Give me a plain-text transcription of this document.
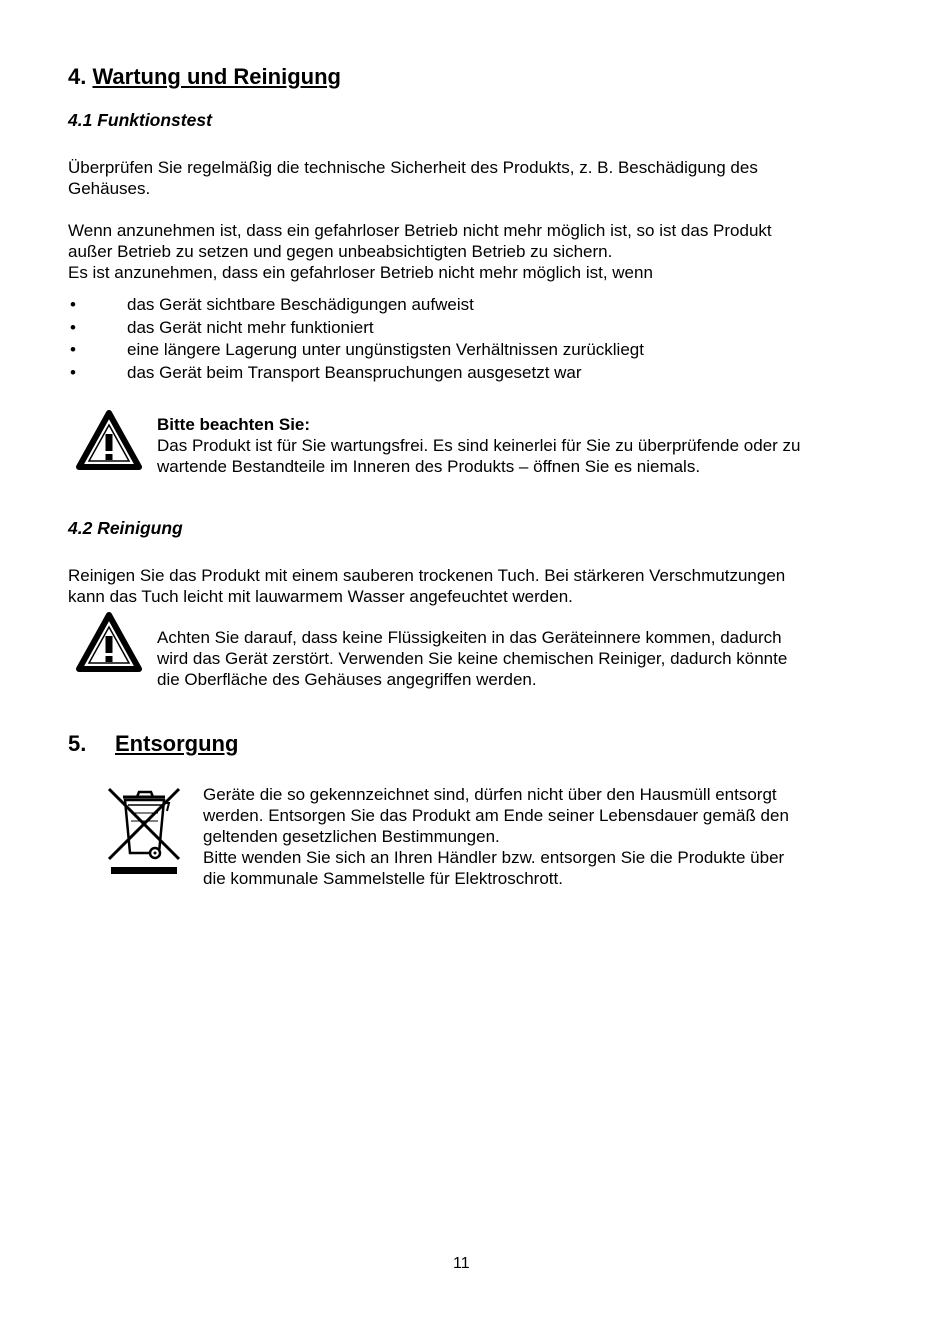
4. Wartung und Reinigung
4.1 Funktionstest
Überprüfen Sie regelmäßig die technische Sicherheit des Produkts, z. B. Beschädigung des
Gehäuses.
Wenn anzunehmen ist, dass ein gefahrloser Betrieb nicht mehr möglich ist, so ist das Produkt
außer Betrieb zu setzen und gegen unbeabsichtigten Betrieb zu sichern.
Es ist anzunehmen, dass ein gefahrloser Betrieb nicht mehr möglich ist, wenn
•	das Gerät sichtbare Beschädigungen aufweist
•	das Gerät nicht mehr funktioniert
•	eine längere Lagerung unter ungünstigsten Verhältnissen zurückliegt
•	das Gerät beim Transport Beanspruchungen ausgesetzt war
Bitte beachten Sie:
Das Produkt ist für Sie wartungsfrei. Es sind keinerlei für Sie zu überprüfende oder zu
wartende Bestandteile im Inneren des Produkts – öffnen Sie es niemals.
4.2 Reinigung
Reinigen Sie das Produkt mit einem sauberen trockenen Tuch. Bei stärkeren Verschmutzungen
kann das Tuch leicht mit lauwarmem Wasser angefeuchtet werden.
Achten Sie darauf, dass keine Flüssigkeiten in das Geräteinnere kommen, dadurch
wird das Gerät zerstört. Verwenden Sie keine chemischen Reiniger, dadurch könnte
die Oberfläche des Gehäuses angegriffen werden.
5. Entsorgung
Geräte die so gekennzeichnet sind, dürfen nicht über den Hausmüll entsorgt
werden. Entsorgen Sie das Produkt am Ende seiner Lebensdauer gemäß den
geltenden gesetzlichen Bestimmungen.
Bitte wenden Sie sich an Ihren Händler bzw. entsorgen Sie die Produkte über
die kommunale Sammelstelle für Elektroschrott.
11
